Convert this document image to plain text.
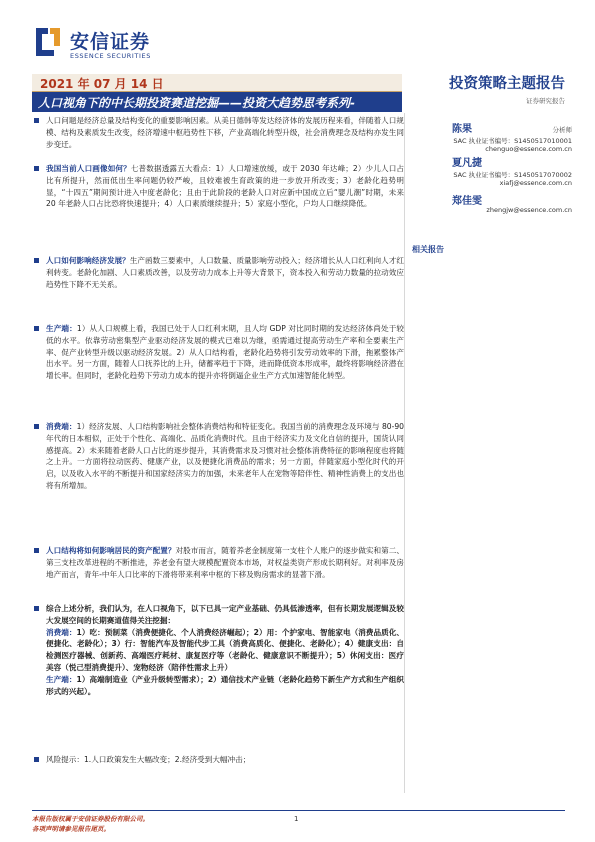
安信证券
ESSENCE SECURITIES
2021 年 07 月 14 日
人口视角下的中长期投资赛道挖掘——投资大趋势思考系列-
投资策略主题报告
证券研究报告
陈果	分析师
SAC 执业证书编号：S1450517010001
chenguo@essence.com.cn
夏凡捷
SAC 执业证书编号：S1450517070002
xiafj@essence.com.cn
郑佳雯
zhengjw@essence.com.cn
相关报告
人口问题是经济总量及结构变化的重要影响因素。从美日德韩等发达经济体的发展历程来看，伴随着人口规模、结构及素质发生改变，经济增速中枢趋势性下移，产业高端化转型升级，社会消费理念及结构亦发生同步变迁。
我国当前人口画像如何？七普数据透露五大看点：1）人口增速放缓，或于 2030 年达峰；2）少儿人口占比有所提升，然而低出生率问题仍较严峻，且较难被生育政策的进一步放开所改变；3）老龄化趋势明显，“十四五”期间预计进入中度老龄化；且由于此阶段的老龄人口对应新中国成立后“婴儿潮”时期，未来 20 年老龄人口占比恐将快速提升；4）人口素质继续提升；5）家庭小型化，户均人口继续降低。
人口如何影响经济发展？生产函数三要素中，人口数量、质量影响劳动投入；经济增长从人口红利向人才红利转变。老龄化加剧、人口素质改善，以及劳动力成本上升等大背景下，资本投入和劳动力数量的拉动效应趋势性下降不无关系。
生产端：1）从人口规模上看，我国已处于人口红利末期，且人均 GDP 对比同时期的发达经济体尚处于较低的水平。依靠劳动密集型产业驱动经济发展的模式已难以为继，亟需通过提高劳动生产率和全要素生产率、促产业转型升级以驱动经济发展。2）从人口结构看，老龄化趋势将引发劳动效率的下滑，拖累整体产出水平。另一方面，随着人口抚养比的上升，储蓄率趋于下降，进而降低资本形成率，最终将影响经济潜在增长率。但同时，老龄化趋势下劳动力成本的提升亦将倒逼企业生产方式加速智能化转型。
消费端：1）经济发展、人口结构影响社会整体消费结构和特征变化。我国当前的消费理念及环境与 80-90 年代的日本相似，正处于个性化、高端化、品质化消费时代。且由于经济实力及文化自信的提升，国货认同感提高。2）未来随着老龄人口占比的逐步提升，其消费需求及习惯对社会整体消费特征的影响程度也将随之上升。一方面将拉动医药、健康产业，以及便捷化消费品的需求；另一方面，伴随家庭小型化时代的开启，以及收入水平的不断提升和国家经济实力的加强，未来老年人在宠物等陪伴性、精神性消费上的支出也将有所增加。
人口结构将如何影响居民的资产配置？对股市而言，随着养老金制度第一支柱个人账户的逐步做实和第二、第三支柱改革进程的不断推进，养老金有望大规模配置资本市场，对权益类资产形成长期利好。对利率及房地产而言，青年-中年人口比率的下滑将带来利率中枢的下移及购房需求的显著下滑。
综合上述分析，我们认为，在人口视角下，以下已具一定产业基础、仍具低渗透率，但有长期发展逻辑及较大发展空间的长期赛道值得关注挖掘：
消费端：1）吃：预制菜（消费便捷化、个人消费经济崛起）；2）用：个护家电、智能家电（消费品质化、便捷化、老龄化）；3）行：智能汽车及智能代步工具（消费高质化、便捷化、老龄化）；4）健康支出：自检测医疗器械、创新药、高端医疗耗材、康复医疗等（老龄化、健康意识不断提升）；5）休闲支出：医疗美容（悦己型消费提升）、宠物经济（陪伴性需求上升）
生产端：1）高端制造业（产业升级转型需求）；2）通信技术产业链（老龄化趋势下新生产方式和生产组织形式的兴起）。
风险提示：1.人口政策发生大幅改变；2.经济受到大幅冲击；
本报告版权属于安信证券股份有限公司。
各项声明请参见报告尾页。
1
